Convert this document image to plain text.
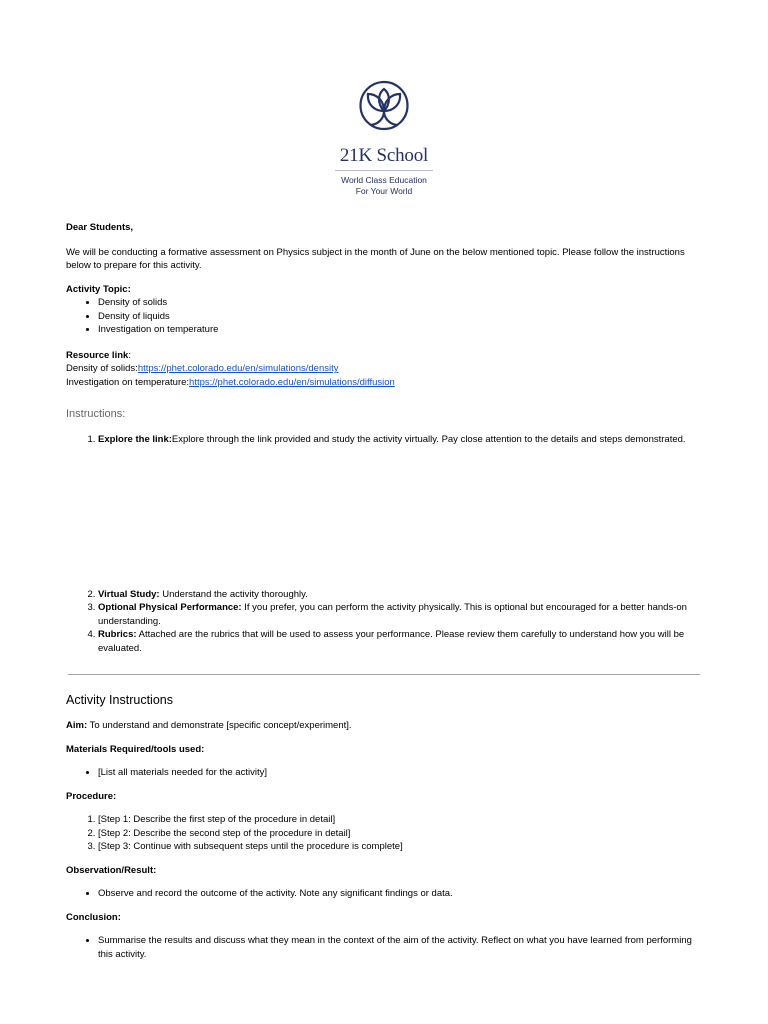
21K School
World Class Education
For Your World

Dear Students,

We will be conducting a formative assessment on Physics subject in the month of June on the below mentioned topic. Please follow the instructions below to prepare for this activity.

Activity Topic:

• Density of solids
• Density of liquids
• Investigation on temperature

Resource link:

Density of solids:https://phet.colorado.edu/en/simulations/density

Investigation on temperature:https://phet.colorado.edu/en/simulations/diffusion

Instructions:

1. Explore the link:Explore through the link provided and study the activity virtually. Pay close attention to the details and steps demonstrated.
2. Virtual Study: Understand the activity thoroughly.
3. Optional Physical Performance: If you prefer, you can perform the activity physically. This is optional but encouraged for a better hands-on understanding.
4. Rubrics: Attached are the rubrics that will be used to assess your performance. Please review them carefully to understand how you will be evaluated.

Activity Instructions

Aim: To understand and demonstrate [specific concept/experiment].

Materials Required/tools used:

• [List all materials needed for the activity]

Procedure:

1. [Step 1: Describe the first step of the procedure in detail]
2. [Step 2: Describe the second step of the procedure in detail]
3. [Step 3: Continue with subsequent steps until the procedure is complete]

Observation/Result:

• Observe and record the outcome of the activity. Note any significant findings or data.

Conclusion:

• Summarise the results and discuss what they mean in the context of the aim of the activity. Reflect on what you have learned from performing this activity.
